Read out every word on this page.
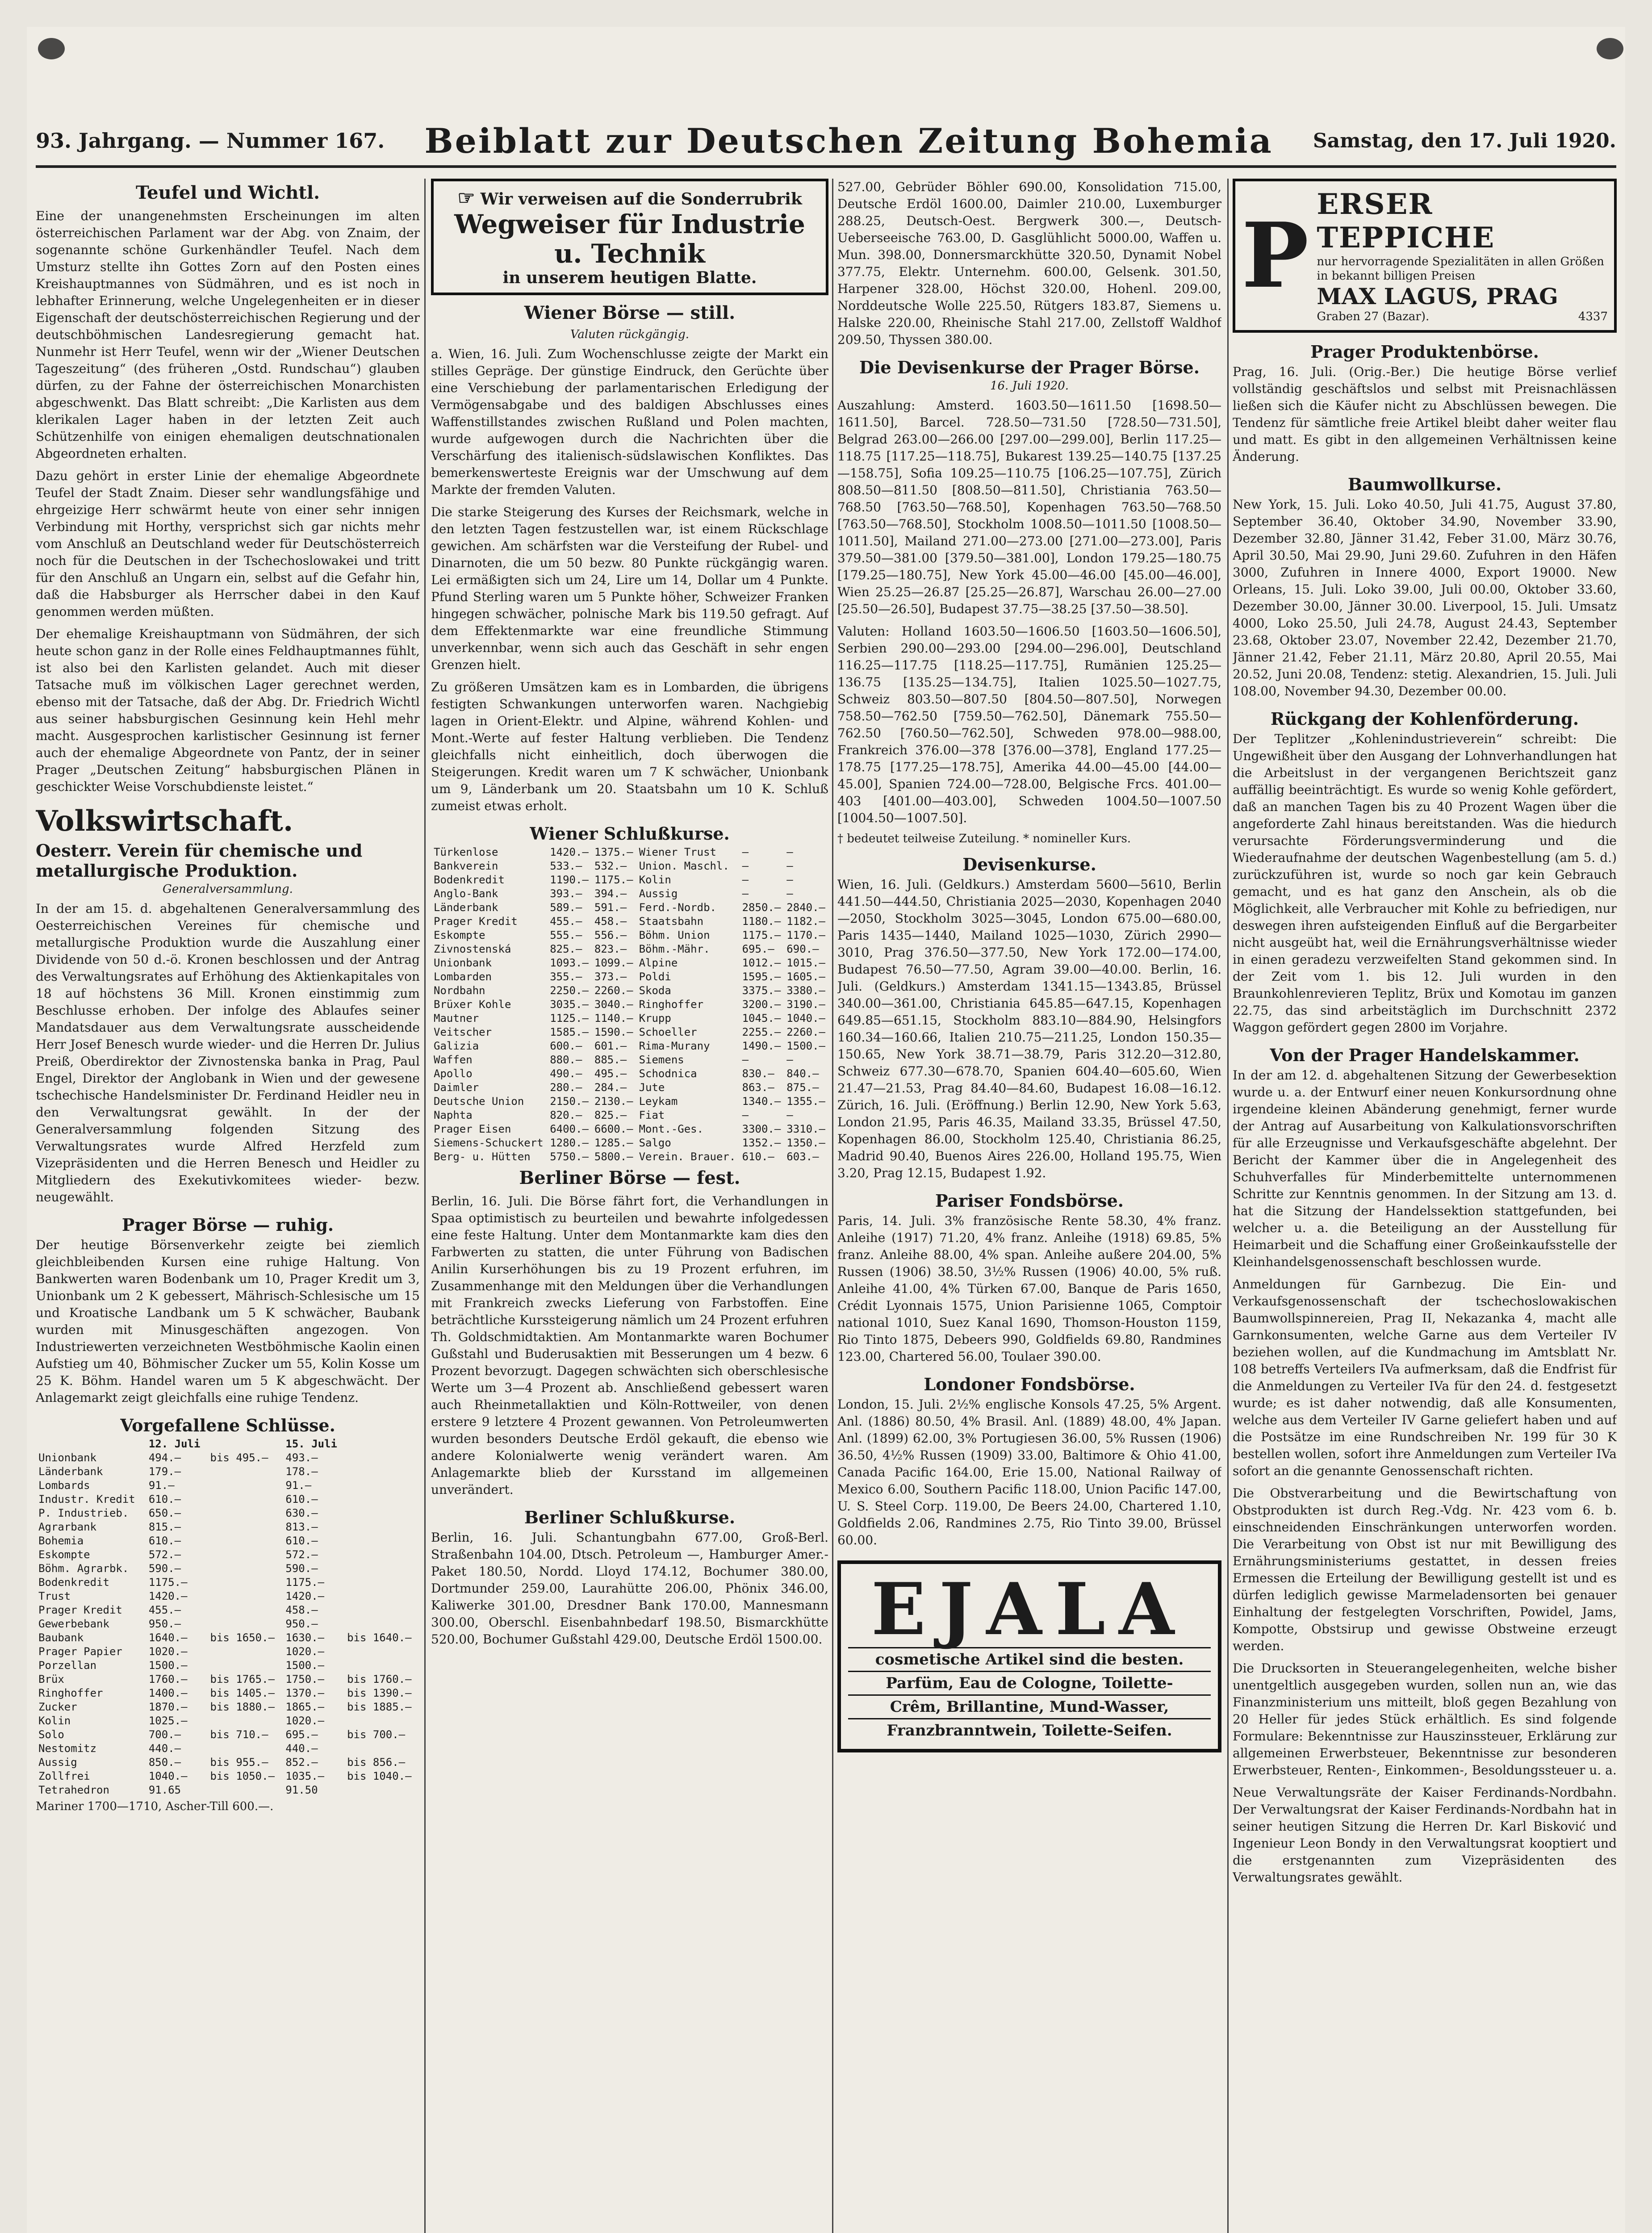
93. Jahrgang. — Nummer 167. Beiblatt zur Deutschen Zeitung Bohemia Samstag, den 17. Juli 1920.
Teufel und Wichtl.

Eine der unangenehmsten Erscheinungen im alten österreichischen Parlament war der Abg. von Znaim, der sogenannte schöne Gurkenhändler Teufel. Nach dem Umsturz stellte ihn Gottes Zorn auf den Posten eines Kreishauptmannes von Südmähren, und es ist noch in lebhafter Erinnerung, welche Ungelegenheiten er in dieser Eigenschaft der deutschösterreichischen Regierung und der deutschböhmischen Landesregierung gemacht hat. Nunmehr ist Herr Teufel, wenn wir der „Wiener Deutschen Tageszeitung“ (des früheren „Ostd. Rundschau“) glauben dürfen, zu der Fahne der österreichischen Monarchisten abgeschwenkt. Das Blatt schreibt: „Die Karlisten aus dem klerikalen Lager haben in der letzten Zeit auch Schützenhilfe von einigen ehemaligen deutschnationalen Abgeordneten erhalten.

Dazu gehört in erster Linie der ehemalige Abgeordnete Teufel der Stadt Znaim. Dieser sehr wandlungsfähige und ehrgeizige Herr schwärmt heute von einer sehr innigen Verbindung mit Horthy, versprichst sich gar nichts mehr vom Anschluß an Deutschland weder für Deutschösterreich noch für die Deutschen in der Tschechoslowakei und tritt für den Anschluß an Ungarn ein, selbst auf die Gefahr hin, daß die Habsburger als Herrscher dabei in den Kauf genommen werden müßten.

Der ehemalige Kreishauptmann von Südmähren, der sich heute schon ganz in der Rolle eines Feldhauptmannes fühlt, ist also bei den Karlisten gelandet. Auch mit dieser Tatsache muß im völkischen Lager gerechnet werden, ebenso mit der Tatsache, daß der Abg. Dr. Friedrich Wichtl aus seiner habsburgischen Gesinnung kein Hehl mehr macht. Ausgesprochen karlistischer Gesinnung ist ferner auch der ehemalige Abgeordnete von Pantz, der in seiner Prager „Deutschen Zeitung“ habsburgischen Plänen in geschickter Weise Vorschubdienste leistet.“

Volkswirtschaft.
Oesterr. Verein für chemische und metallurgische Produktion.
Generalversammlung.

In der am 15. d. abgehaltenen Generalversammlung des Oesterreichischen Vereines für chemische und metallurgische Produktion wurde die Auszahlung einer Dividende von 50 d.-ö. Kronen beschlossen und der Antrag des Verwaltungsrates auf Erhöhung des Aktienkapitales von 18 auf höchstens 36 Mill. Kronen einstimmig zum Beschlusse erhoben. Der infolge des Ablaufes seiner Mandatsdauer aus dem Verwaltungsrate ausscheidende Herr Josef Benesch wurde wieder- und die Herren Dr. Julius Preiß, Oberdirektor der Zivnostenska banka in Prag, Paul Engel, Direktor der Anglobank in Wien und der gewesene tschechische Handelsminister Dr. Ferdinand Heidler neu in den Verwaltungsrat gewählt. In der der Generalversammlung folgenden Sitzung des Verwaltungsrates wurde Alfred Herzfeld zum Vizepräsidenten und die Herren Benesch und Heidler zu Mitgliedern des Exekutivkomitees wieder- bezw. neugewählt.

Prager Börse — ruhig.

Der heutige Börsenverkehr zeigte bei ziemlich gleichbleibenden Kursen eine ruhige Haltung. Von Bankwerten waren Bodenbank um 10, Prager Kredit um 3, Unionbank um 2 K gebessert, Mährisch-Schlesische um 15 und Kroatische Landbank um 5 K schwächer, Baubank wurden mit Minusgeschäften angezogen. Von Industriewerten verzeichneten Westböhmische Kaolin einen Aufstieg um 40, Böhmischer Zucker um 55, Kolin Kosse um 25 K. Böhm. Handel waren um 5 K abgeschwächt. Der Anlagemarkt zeigt gleichfalls eine ruhige Tendenz.

Vorgefallene Schlüsse.
	12. Juli		15. Juli	
Unionbank	494.—	bis 495.—	493.—	
Länderbank	179.—		178.—	
Lombards	91.—		91.—	
Industr. Kredit	610.—		610.—	
P. Industrieb.	650.—		630.—	
Agrarbank	815.—		813.—	
Bohemia	610.—		610.—	
Eskompte	572.—		572.—	
Böhm. Agrarbk.	590.—		590.—	
Bodenkredit	1175.—		1175.—	
Trust	1420.—		1420.—	
Prager Kredit	455.—		458.—	
Gewerbebank	950.—		950.—	
Baubank	1640.—	bis 1650.—	1630.—	bis 1640.—
Prager Papier	1020.—		1020.—	
Porzellan	1500.—		1500.—	
Brüx	1760.—	bis 1765.—	1750.—	bis 1760.—
Ringhoffer	1400.—	bis 1405.—	1370.—	bis 1390.—
Zucker	1870.—	bis 1880.—	1865.—	bis 1885.—
Kolin	1025.—		1020.—	
Solo	700.—	bis 710.—	695.—	bis 700.—
Nestomitz	440.—		440.—	
Aussig	850.—	bis 955.—	852.—	bis 856.—
Zollfrei	1040.—	bis 1050.—	1035.—	bis 1040.—
Tetrahedron	91.65		91.50	
Mariner 1700—1710, Ascher-Till 600.—.
☞ Wir verweisen auf die Sonderrubrik
Wegweiser für Industrie u. Technik
in unserem heutigen Blatte.
Wiener Börse — still.
Valuten rückgängig.

a. Wien, 16. Juli. Zum Wochenschlusse zeigte der Markt ein stilles Gepräge. Der günstige Eindruck, den Gerüchte über eine Verschiebung der parlamentarischen Erledigung der Vermögensabgabe und des baldigen Abschlusses eines Waffenstillstandes zwischen Rußland und Polen machten, wurde aufgewogen durch die Nachrichten über die Verschärfung des italienisch-südslawischen Konfliktes. Das bemerkenswerteste Ereignis war der Umschwung auf dem Markte der fremden Valuten.

Die starke Steigerung des Kurses der Reichsmark, welche in den letzten Tagen festzustellen war, ist einem Rückschlage gewichen. Am schärfsten war die Versteifung der Rubel- und Dinarnoten, die um 50 bezw. 80 Punkte rückgängig waren. Lei ermäßigten sich um 24, Lire um 14, Dollar um 4 Punkte. Pfund Sterling waren um 5 Punkte höher, Schweizer Franken hingegen schwächer, polnische Mark bis 119.50 gefragt. Auf dem Effektenmarkte war eine freundliche Stimmung unverkennbar, wenn sich auch das Geschäft in sehr engen Grenzen hielt.

Zu größeren Umsätzen kam es in Lombarden, die übrigens festigten Schwankungen unterworfen waren. Nachgiebig lagen in Orient-Elektr. und Alpine, während Kohlen- und Mont.-Werte auf fester Haltung verblieben. Die Tendenz gleichfalls nicht einheitlich, doch überwogen die Steigerungen. Kredit waren um 7 K schwächer, Unionbank um 9, Länderbank um 20. Staatsbahn um 10 K. Schluß zumeist etwas erholt.

Wiener Schlußkurse.
Türkenlose	1420.—	1375.—	Wiener Trust	—	—
Bankverein	533.—	532.—	Union. Maschl.	—	—
Bodenkredit	1190.—	1175.—	Kolin	—	—
Anglo-Bank	393.—	394.—	Aussig	—	—
Länderbank	589.—	591.—	Ferd.-Nordb.	2850.—	2840.—
Prager Kredit	455.—	458.—	Staatsbahn	1180.—	1182.—
Eskompte	555.—	556.—	Böhm. Union	1175.—	1170.—
Zivnostenská	825.—	823.—	Böhm.-Mähr.	695.—	690.—
Unionbank	1093.—	1099.—	Alpine	1012.—	1015.—
Lombarden	355.—	373.—	Poldi	1595.—	1605.—
Nordbahn	2250.—	2260.—	Skoda	3375.—	3380.—
Brüxer Kohle	3035.—	3040.—	Ringhoffer	3200.—	3190.—
Mautner	1125.—	1140.—	Krupp	1045.—	1040.—
Veitscher	1585.—	1590.—	Schoeller	2255.—	2260.—
Galizia	600.—	601.—	Rima-Murany	1490.—	1500.—
Waffen	880.—	885.—	Siemens	—	—
Apollo	490.—	495.—	Schodnica	830.—	840.—
Daimler	280.—	284.—	Jute	863.—	875.—
Deutsche Union	2150.—	2130.—	Leykam	1340.—	1355.—
Naphta	820.—	825.—	Fiat	—	—
Prager Eisen	6400.—	6600.—	Mont.-Ges.	3300.—	3310.—
Siemens-Schuckert	1280.—	1285.—	Salgo	1352.—	1350.—
Berg- u. Hütten	5750.—	5800.—	Verein. Brauer.	610.—	603.—
Berliner Börse — fest.

Berlin, 16. Juli. Die Börse fährt fort, die Verhandlungen in Spaa optimistisch zu beurteilen und bewahrte infolgedessen eine feste Haltung. Unter dem Montanmarkte kam dies den Farbwerten zu statten, die unter Führung von Badischen Anilin Kurserhöhungen bis zu 19 Prozent erfuhren, im Zusammenhange mit den Meldungen über die Verhandlungen mit Frankreich zwecks Lieferung von Farbstoffen. Eine beträchtliche Kurssteigerung nämlich um 24 Prozent erfuhren Th. Goldschmidtaktien. Am Montanmarkte waren Bochumer Gußstahl und Buderusaktien mit Besserungen um 4 bezw. 6 Prozent bevorzugt. Dagegen schwächten sich oberschlesische Werte um 3—4 Prozent ab. Anschließend gebessert waren auch Rheinmetallaktien und Köln-Rottweiler, von denen erstere 9 letztere 4 Prozent gewannen. Von Petroleumwerten wurden besonders Deutsche Erdöl gekauft, die ebenso wie andere Kolonialwerte wenig verändert waren. Am Anlagemarkte blieb der Kursstand im allgemeinen unverändert.

Berliner Schlußkurse.

Berlin, 16. Juli. Schantungbahn 677.00, Groß-Berl. Straßenbahn 104.00, Dtsch. Petroleum —, Hamburger Amer.-Paket 180.50, Nordd. Lloyd 174.12, Bochumer 380.00, Dortmunder 259.00, Laurahütte 206.00, Phönix 346.00, Kaliwerke 301.00, Dresdner Bank 170.00, Mannesmann 300.00, Oberschl. Eisenbahnbedarf 198.50, Bismarckhütte 520.00, Bochumer Gußstahl 429.00, Deutsche Erdöl 1500.00.

527.00, Gebrüder Böhler 690.00, Konsolidation 715.00, Deutsche Erdöl 1600.00, Daimler 210.00, Luxemburger 288.25, Deutsch-Oest. Bergwerk 300.—, Deutsch-Ueberseeische 763.00, D. Gasglühlicht 5000.00, Waffen u. Mun. 398.00, Donnersmarckhütte 320.50, Dynamit Nobel 377.75, Elektr. Unternehm. 600.00, Gelsenk. 301.50, Harpener 328.00, Höchst 320.00, Hohenl. 209.00, Norddeutsche Wolle 225.50, Rütgers 183.87, Siemens u. Halske 220.00, Rheinische Stahl 217.00, Zellstoff Waldhof 209.50, Thyssen 380.00.

Die Devisenkurse der Prager Börse.
16. Juli 1920.

Auszahlung: Amsterd. 1603.50—1611.50 [1698.50—1611.50], Barcel. 728.50—731.50 [728.50—731.50], Belgrad 263.00—266.00 [297.00—299.00], Berlin 117.25—118.75 [117.25—118.75], Bukarest 139.25—140.75 [137.25—158.75], Sofia 109.25—110.75 [106.25—107.75], Zürich 808.50—811.50 [808.50—811.50], Christiania 763.50—768.50 [763.50—768.50], Kopenhagen 763.50—768.50 [763.50—768.50], Stockholm 1008.50—1011.50 [1008.50—1011.50], Mailand 271.00—273.00 [271.00—273.00], Paris 379.50—381.00 [379.50—381.00], London 179.25—180.75 [179.25—180.75], New York 45.00—46.00 [45.00—46.00], Wien 25.25—26.87 [25.25—26.87], Warschau 26.00—27.00 [25.50—26.50], Budapest 37.75—38.25 [37.50—38.50].

Valuten: Holland 1603.50—1606.50 [1603.50—1606.50], Serbien 290.00—293.00 [294.00—296.00], Deutschland 116.25—117.75 [118.25—117.75], Rumänien 125.25—136.75 [135.25—134.75], Italien 1025.50—1027.75, Schweiz 803.50—807.50 [804.50—807.50], Norwegen 758.50—762.50 [759.50—762.50], Dänemark 755.50—762.50 [760.50—762.50], Schweden 978.00—988.00, Frankreich 376.00—378 [376.00—378], England 177.25—178.75 [177.25—178.75], Amerika 44.00—45.00 [44.00—45.00], Spanien 724.00—728.00, Belgische Frcs. 401.00—403 [401.00—403.00], Schweden 1004.50—1007.50 [1004.50—1007.50].

† bedeutet teilweise Zuteilung. * nomineller Kurs.
Devisenkurse.

Wien, 16. Juli. (Geldkurs.) Amsterdam 5600—5610, Berlin 441.50—444.50, Christiania 2025—2030, Kopenhagen 2040—2050, Stockholm 3025—3045, London 675.00—680.00, Paris 1435—1440, Mailand 1025—1030, Zürich 2990—3010, Prag 376.50—377.50, New York 172.00—174.00, Budapest 76.50—77.50, Agram 39.00—40.00. Berlin, 16. Juli. (Geldkurs.) Amsterdam 1341.15—1343.85, Brüssel 340.00—361.00, Christiania 645.85—647.15, Kopenhagen 649.85—651.15, Stockholm 883.10—884.90, Helsingfors 160.34—160.66, Italien 210.75—211.25, London 150.35—150.65, New York 38.71—38.79, Paris 312.20—312.80, Schweiz 677.30—678.70, Spanien 604.40—605.60, Wien 21.47—21.53, Prag 84.40—84.60, Budapest 16.08—16.12. Zürich, 16. Juli. (Eröffnung.) Berlin 12.90, New York 5.63, London 21.95, Paris 46.35, Mailand 33.35, Brüssel 47.50, Kopenhagen 86.00, Stockholm 125.40, Christiania 86.25, Madrid 90.40, Buenos Aires 226.00, Holland 195.75, Wien 3.20, Prag 12.15, Budapest 1.92.

Pariser Fondsbörse.

Paris, 14. Juli. 3% französische Rente 58.30, 4% franz. Anleihe (1917) 71.20, 4% franz. Anleihe (1918) 69.85, 5% franz. Anleihe 88.00, 4% span. Anleihe außere 204.00, 5% Russen (1906) 38.50, 3½% Russen (1906) 40.00, 5% ruß. Anleihe 41.00, 4% Türken 67.00, Banque de Paris 1650, Crédit Lyonnais 1575, Union Parisienne 1065, Comptoir national 1010, Suez Kanal 1690, Thomson-Houston 1159, Rio Tinto 1875, Debeers 990, Goldfields 69.80, Randmines 123.00, Chartered 56.00, Toulaer 390.00.

Londoner Fondsbörse.

London, 15. Juli. 2½% englische Konsols 47.25, 5% Argent. Anl. (1886) 80.50, 4% Brasil. Anl. (1889) 48.00, 4% Japan. Anl. (1899) 62.00, 3% Portugiesen 36.00, 5% Russen (1906) 36.50, 4½% Russen (1909) 33.00, Baltimore & Ohio 41.00, Canada Pacific 164.00, Erie 15.00, National Railway of Mexico 6.00, Southern Pacific 118.00, Union Pacific 147.00, U. S. Steel Corp. 119.00, De Beers 24.00, Chartered 1.10, Goldfields 2.06, Randmines 2.75, Rio Tinto 39.00, Brüssel 60.00.

EJALA
cosmetische Artikel sind die besten.
Parfüm, Eau de Cologne, Toilette-
Crêm, Brillantine, Mund-Wasser,
Franzbranntwein, Toilette-Seifen.
P ERSER TEPPICHE
nur hervorragende Spezialitäten in allen Größen in bekannt billigen Preisen
MAX LAGUS, PRAG
Graben 27 (Bazar).	4337
Prager Produktenbörse.

Prag, 16. Juli. (Orig.-Ber.) Die heutige Börse verlief vollständig geschäftslos und selbst mit Preisnachlässen ließen sich die Käufer nicht zu Abschlüssen bewegen. Die Tendenz für sämtliche freie Artikel bleibt daher weiter flau und matt. Es gibt in den allgemeinen Verhältnissen keine Änderung.

Baumwollkurse.

New York, 15. Juli. Loko 40.50, Juli 41.75, August 37.80, September 36.40, Oktober 34.90, November 33.90, Dezember 32.80, Jänner 31.42, Feber 31.00, März 30.76, April 30.50, Mai 29.90, Juni 29.60. Zufuhren in den Häfen 3000, Zufuhren in Innere 4000, Export 19000. New Orleans, 15. Juli. Loko 39.00, Juli 00.00, Oktober 33.60, Dezember 30.00, Jänner 30.00. Liverpool, 15. Juli. Umsatz 4000, Loko 25.50, Juli 24.78, August 24.43, September 23.68, Oktober 23.07, November 22.42, Dezember 21.70, Jänner 21.42, Feber 21.11, März 20.80, April 20.55, Mai 20.52, Juni 20.08, Tendenz: stetig. Alexandrien, 15. Juli. Juli 108.00, November 94.30, Dezember 00.00.

Rückgang der Kohlenförderung.

Der Teplitzer „Kohlenindustrieverein“ schreibt: Die Ungewißheit über den Ausgang der Lohnverhandlungen hat die Arbeitslust in der vergangenen Berichtszeit ganz auffällig beeinträchtigt. Es wurde so wenig Kohle gefördert, daß an manchen Tagen bis zu 40 Prozent Wagen über die angeforderte Zahl hinaus bereitstanden. Was die hiedurch verursachte Förderungsverminderung und die Wiederaufnahme der deutschen Wagenbestellung (am 5. d.) zurückzuführen ist, wurde so noch gar kein Gebrauch gemacht, und es hat ganz den Anschein, als ob die Möglichkeit, alle Verbraucher mit Kohle zu befriedigen, nur deswegen ihren aufsteigenden Einfluß auf die Bergarbeiter nicht ausgeübt hat, weil die Ernährungsverhältnisse wieder in einen geradezu verzweifelten Stand gekommen sind. In der Zeit vom 1. bis 12. Juli wurden in den Braunkohlenrevieren Teplitz, Brüx und Komotau im ganzen 22.75, das sind arbeitstäglich im Durchschnitt 2372 Waggon gefördert gegen 2800 im Vorjahre.

Von der Prager Handelskammer.

In der am 12. d. abgehaltenen Sitzung der Gewerbesektion wurde u. a. der Entwurf einer neuen Konkursordnung ohne irgendeine kleinen Abänderung genehmigt, ferner wurde der Antrag auf Ausarbeitung von Kalkulationsvorschriften für alle Erzeugnisse und Verkaufsgeschäfte abgelehnt. Der Bericht der Kammer über die in Angelegenheit des Schuhverfalles für Minderbemittelte unternommenen Schritte zur Kenntnis genommen. In der Sitzung am 13. d. hat die Sitzung der Handelssektion stattgefunden, bei welcher u. a. die Beteiligung an der Ausstellung für Heimarbeit und die Schaffung einer Großeinkaufsstelle der Kleinhandelsgenossenschaft beschlossen wurde.

Anmeldungen für Garnbezug. Die Ein- und Verkaufsgenossenschaft der tschechoslowakischen Baumwollspinnereien, Prag II, Nekazanka 4, macht alle Garnkonsumenten, welche Garne aus dem Verteiler IV beziehen wollen, auf die Kundmachung im Amtsblatt Nr. 108 betreffs Verteilers IVa aufmerksam, daß die Endfrist für die Anmeldungen zu Verteiler IVa für den 24. d. festgesetzt wurde; es ist daher notwendig, daß alle Konsumenten, welche aus dem Verteiler IV Garne geliefert haben und auf die Postsätze im eine Rundschreiben Nr. 199 für 30 K bestellen wollen, sofort ihre Anmeldungen zum Verteiler IVa sofort an die genannte Genossenschaft richten.

Die Obstverarbeitung und die Bewirtschaftung von Obstprodukten ist durch Reg.-Vdg. Nr. 423 vom 6. b. einschneidenden Einschränkungen unterworfen worden. Die Verarbeitung von Obst ist nur mit Bewilligung des Ernährungsministeriums gestattet, in dessen freies Ermessen die Erteilung der Bewilligung gestellt ist und es dürfen lediglich gewisse Marmeladensorten bei genauer Einhaltung der festgelegten Vorschriften, Powidel, Jams, Kompotte, Obstsirup und gewisse Obstweine erzeugt werden.

Die Drucksorten in Steuerangelegenheiten, welche bisher unentgeltlich ausgegeben wurden, sollen nun an, wie das Finanzministerium uns mitteilt, bloß gegen Bezahlung von 20 Heller für jedes Stück erhältlich. Es sind folgende Formulare: Bekenntnisse zur Hauszinssteuer, Erklärung zur allgemeinen Erwerbsteuer, Bekenntnisse zur besonderen Erwerbsteuer, Renten-, Einkommen-, Besoldungssteuer u. a.

Neue Verwaltungsräte der Kaiser Ferdinands-Nordbahn. Der Verwaltungsrat der Kaiser Ferdinands-Nordbahn hat in seiner heutigen Sitzung die Herren Dr. Karl Bisković und Ingenieur Leon Bondy in den Verwaltungsrat kooptiert und die erstgenannten zum Vizepräsidenten des Verwaltungsrates gewählt.
